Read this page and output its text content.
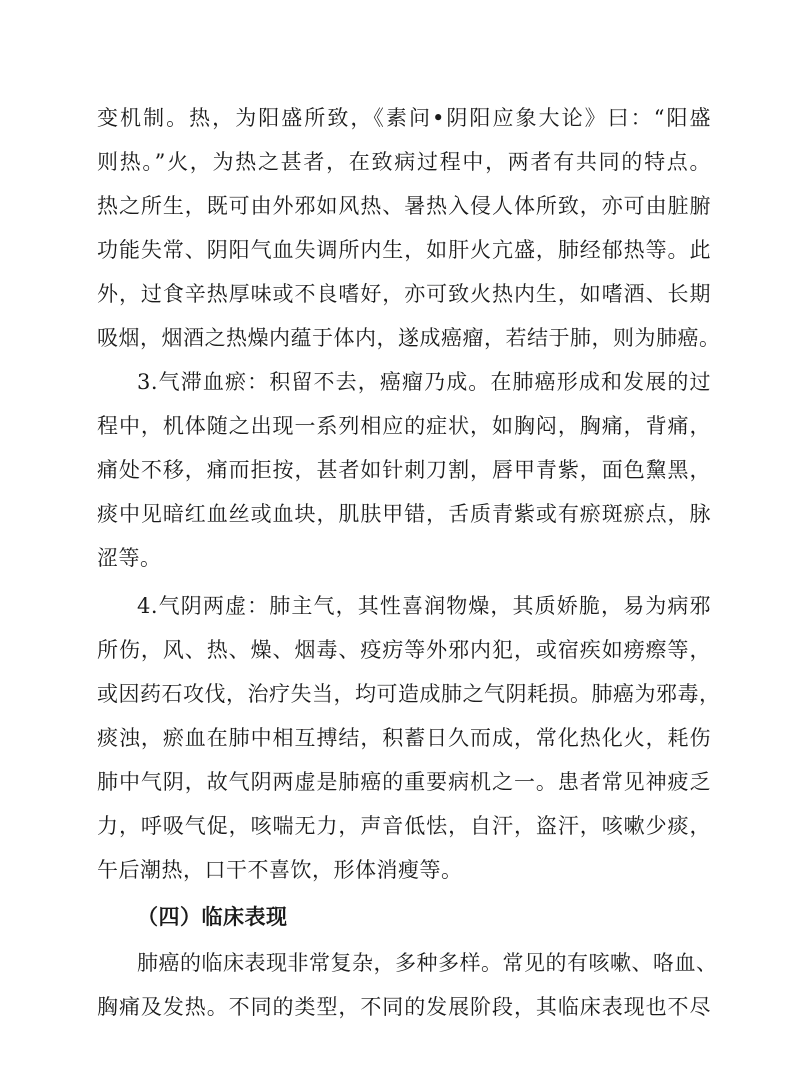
变机制。热，为阳盛所致，《素问•阴阳应象大论》曰：“阳盛
则热。”火，为热之甚者，在致病过程中，两者有共同的特点。
热之所生，既可由外邪如风热、暑热入侵人体所致，亦可由脏腑
功能失常、阴阳气血失调所内生，如肝火亢盛，肺经郁热等。此
外，过食辛热厚味或不良嗜好，亦可致火热内生，如嗜酒、长期
吸烟，烟酒之热燥内蕴于体内，遂成癌瘤，若结于肺，则为肺癌。
3.气滞血瘀：积留不去，癌瘤乃成。在肺癌形成和发展的过
程中，机体随之出现一系列相应的症状，如胸闷，胸痛，背痛，
痛处不移，痛而拒按，甚者如针刺刀割，唇甲青紫，面色黧黑，
痰中见暗红血丝或血块，肌肤甲错，舌质青紫或有瘀斑瘀点，脉
涩等。
4.气阴两虚：肺主气，其性喜润物燥，其质娇脆，易为病邪
所伤，风、热、燥、烟毒、疫疠等外邪内犯，或宿疾如痨瘵等，
或因药石攻伐，治疗失当，均可造成肺之气阴耗损。肺癌为邪毒，
痰浊，瘀血在肺中相互搏结，积蓄日久而成，常化热化火，耗伤
肺中气阴，故气阴两虚是肺癌的重要病机之一。患者常见神疲乏
力，呼吸气促，咳喘无力，声音低怯，自汗，盗汗，咳嗽少痰，
午后潮热，口干不喜饮，形体消瘦等。
（四）临床表现
肺癌的临床表现非常复杂，多种多样。常见的有咳嗽、咯血、
胸痛及发热。不同的类型，不同的发展阶段，其临床表现也不尽
